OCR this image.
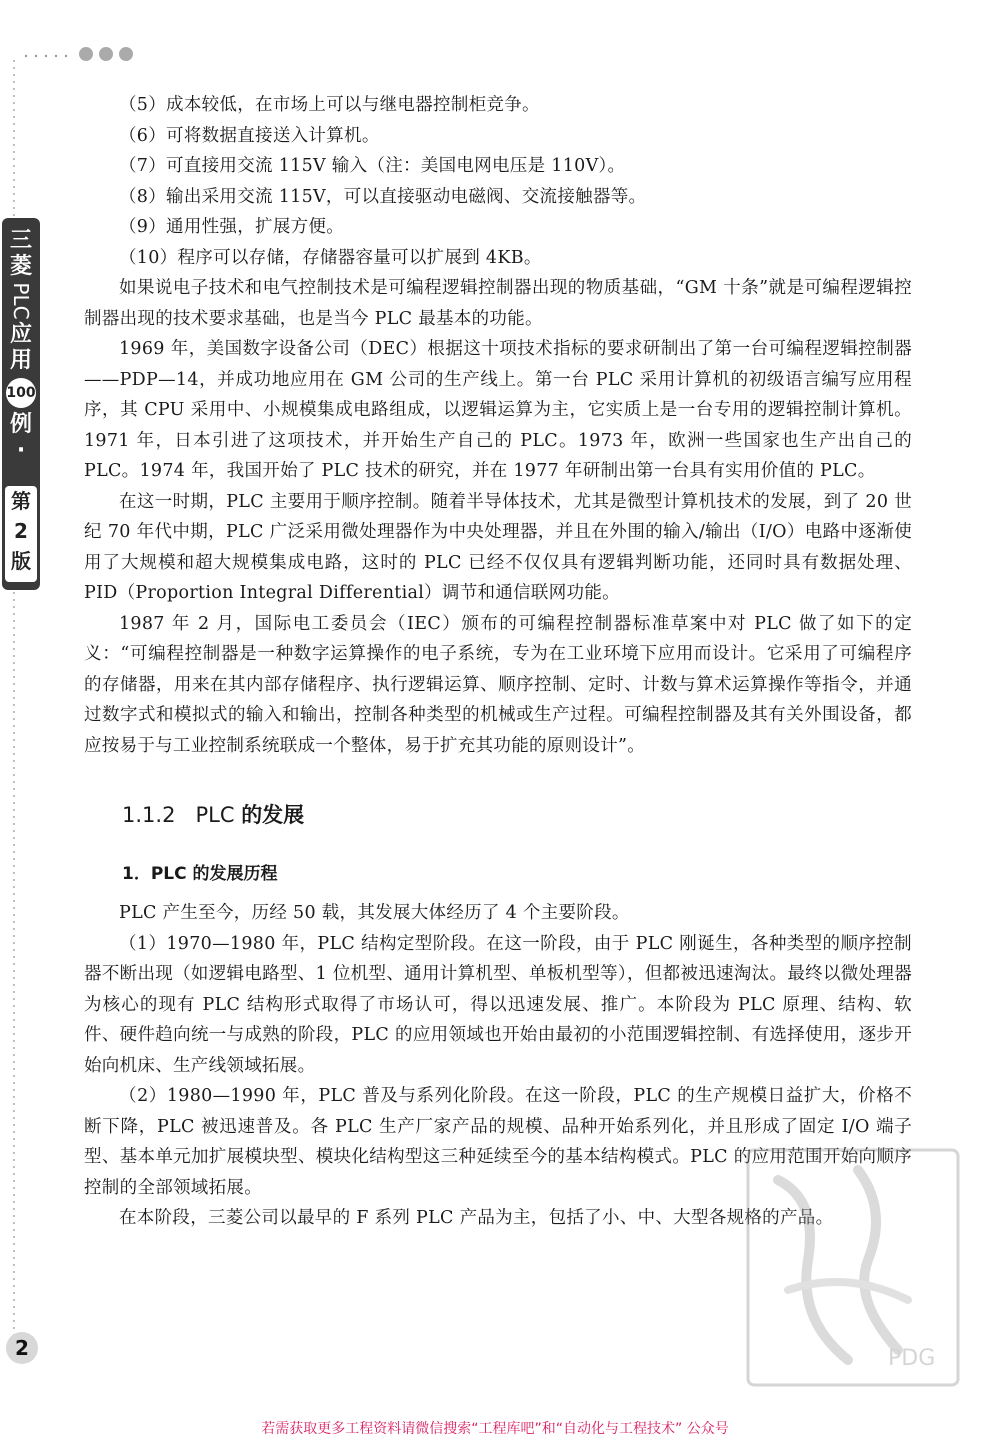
三
菱
PLC
应
用
100
例
·
第
2
版
2

（5）成本较低，在市场上可以与继电器控制柜竞争。

（6）可将数据直接送入计算机。

（7）可直接用交流 115V 输入（注：美国电网电压是 110V）。

（8）输出采用交流 115V，可以直接驱动电磁阀、交流接触器等。

（9）通用性强，扩展方便。

（10）程序可以存储，存储器容量可以扩展到 4KB。

如果说电子技术和电气控制技术是可编程逻辑控制器出现的物质基础，“GM 十条”就是可编程逻辑控制器出现的技术要求基础，也是当今 PLC 最基本的功能。

1969 年，美国数字设备公司（DEC）根据这十项技术指标的要求研制出了第一台可编程逻辑控制器——PDP—14，并成功地应用在 GM 公司的生产线上。第一台 PLC 采用计算机的初级语言编写应用程序，其 CPU 采用中、小规模集成电路组成，以逻辑运算为主，它实质上是一台专用的逻辑控制计算机。1971 年，日本引进了这项技术，并开始生产自己的 PLC。1973 年，欧洲一些国家也生产出自己的 PLC。1974 年，我国开始了 PLC 技术的研究，并在 1977 年研制出第一台具有实用价值的 PLC。

在这一时期，PLC 主要用于顺序控制。随着半导体技术，尤其是微型计算机技术的发展，到了 20 世纪 70 年代中期，PLC 广泛采用微处理器作为中央处理器，并且在外围的输入/输出（I/O）电路中逐渐使用了大规模和超大规模集成电路，这时的 PLC 已经不仅仅具有逻辑判断功能，还同时具有数据处理、PID（Proportion Integral Differential）调节和通信联网功能。

1987 年 2 月，国际电工委员会（IEC）颁布的可编程控制器标准草案中对 PLC 做了如下的定义：“可编程控制器是一种数字运算操作的电子系统，专为在工业环境下应用而设计。它采用了可编程序的存储器，用来在其内部存储程序、执行逻辑运算、顺序控制、定时、计数与算术运算操作等指令，并通过数字式和模拟式的输入和输出，控制各种类型的机械或生产过程。可编程控制器及其有关外围设备，都应按易于与工业控制系统联成一个整体，易于扩充其功能的原则设计”。

1.1.2 PLC 的发展
1．PLC 的发展历程

PLC 产生至今，历经 50 载，其发展大体经历了 4 个主要阶段。

（1）1970—1980 年，PLC 结构定型阶段。在这一阶段，由于 PLC 刚诞生，各种类型的顺序控制器不断出现（如逻辑电路型、1 位机型、通用计算机型、单板机型等），但都被迅速淘汰。最终以微处理器为核心的现有 PLC 结构形式取得了市场认可，得以迅速发展、推广。本阶段为 PLC 原理、结构、软件、硬件趋向统一与成熟的阶段，PLC 的应用领域也开始由最初的小范围逻辑控制、有选择使用，逐步开始向机床、生产线领域拓展。

（2）1980—1990 年，PLC 普及与系列化阶段。在这一阶段，PLC 的生产规模日益扩大，价格不断下降，PLC 被迅速普及。各 PLC 生产厂家产品的规模、品种开始系列化，并且形成了固定 I/O 端子型、基本单元加扩展模块型、模块化结构型这三种延续至今的基本结构模式。PLC 的应用范围开始向顺序控制的全部领域拓展。

在本阶段，三菱公司以最早的 F 系列 PLC 产品为主，包括了小、中、大型各规格的产品。

PDG
若需获取更多工程资料请微信搜索“工程库吧”和“自动化与工程技术” 公众号
